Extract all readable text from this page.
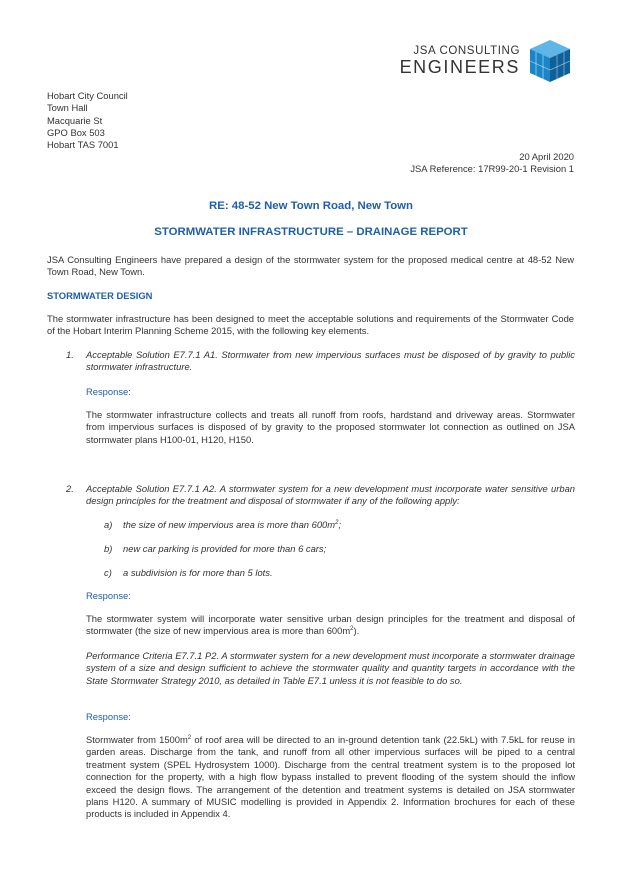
JSA CONSULTING
ENGINEERS
Hobart City Council
Town Hall
Macquarie St
GPO Box 503
Hobart TAS 7001
20 April 2020
JSA Reference: 17R99-20-1 Revision 1
RE: 48-52 New Town Road, New Town
STORMWATER INFRASTRUCTURE – DRAINAGE REPORT
JSA Consulting Engineers have prepared a design of the stormwater system for the proposed medical centre at 48-52 New Town Road, New Town.
STORMWATER DESIGN
The stormwater infrastructure has been designed to meet the acceptable solutions and requirements of the Stormwater Code of the Hobart Interim Planning Scheme 2015, with the following key elements.
1. Acceptable Solution E7.7.1 A1. Stormwater from new impervious surfaces must be disposed of by gravity to public stormwater infrastructure.
Response:
The stormwater infrastructure collects and treats all runoff from roofs, hardstand and driveway areas. Stormwater from impervious surfaces is disposed of by gravity to the proposed stormwater lot connection as outlined on JSA stormwater plans H100-01, H120, H150.
2. Acceptable Solution E7.7.1 A2. A stormwater system for a new development must incorporate water sensitive urban design principles for the treatment and disposal of stormwater if any of the following apply:
a) the size of new impervious area is more than $600m^2$;
b) new car parking is provided for more than 6 cars;
c) a subdivision is for more than 5 lots.
Response:
The stormwater system will incorporate water sensitive urban design principles for the treatment and disposal of stormwater (the size of new impervious area is more than $600m^2$).
Performance Criteria E7.7.1 P2. A stormwater system for a new development must incorporate a stormwater drainage system of a size and design sufficient to achieve the stormwater quality and quantity targets in accordance with the State Stormwater Strategy 2010, as detailed in Table E7.1 unless it is not feasible to do so.
Response:
Stormwater from $1500m^2$ of roof area will be directed to an in-ground detention tank (22.5kL) with 7.5kL for reuse in garden areas. Discharge from the tank, and runoff from all other impervious surfaces will be piped to a central treatment system (SPEL Hydrosystem 1000). Discharge from the central treatment system is to the proposed lot connection for the property, with a high flow bypass installed to prevent flooding of the system should the inflow exceed the design flows. The arrangement of the detention and treatment systems is detailed on JSA stormwater plans H120. A summary of MUSIC modelling is provided in Appendix 2. Information brochures for each of these products is included in Appendix 4.
